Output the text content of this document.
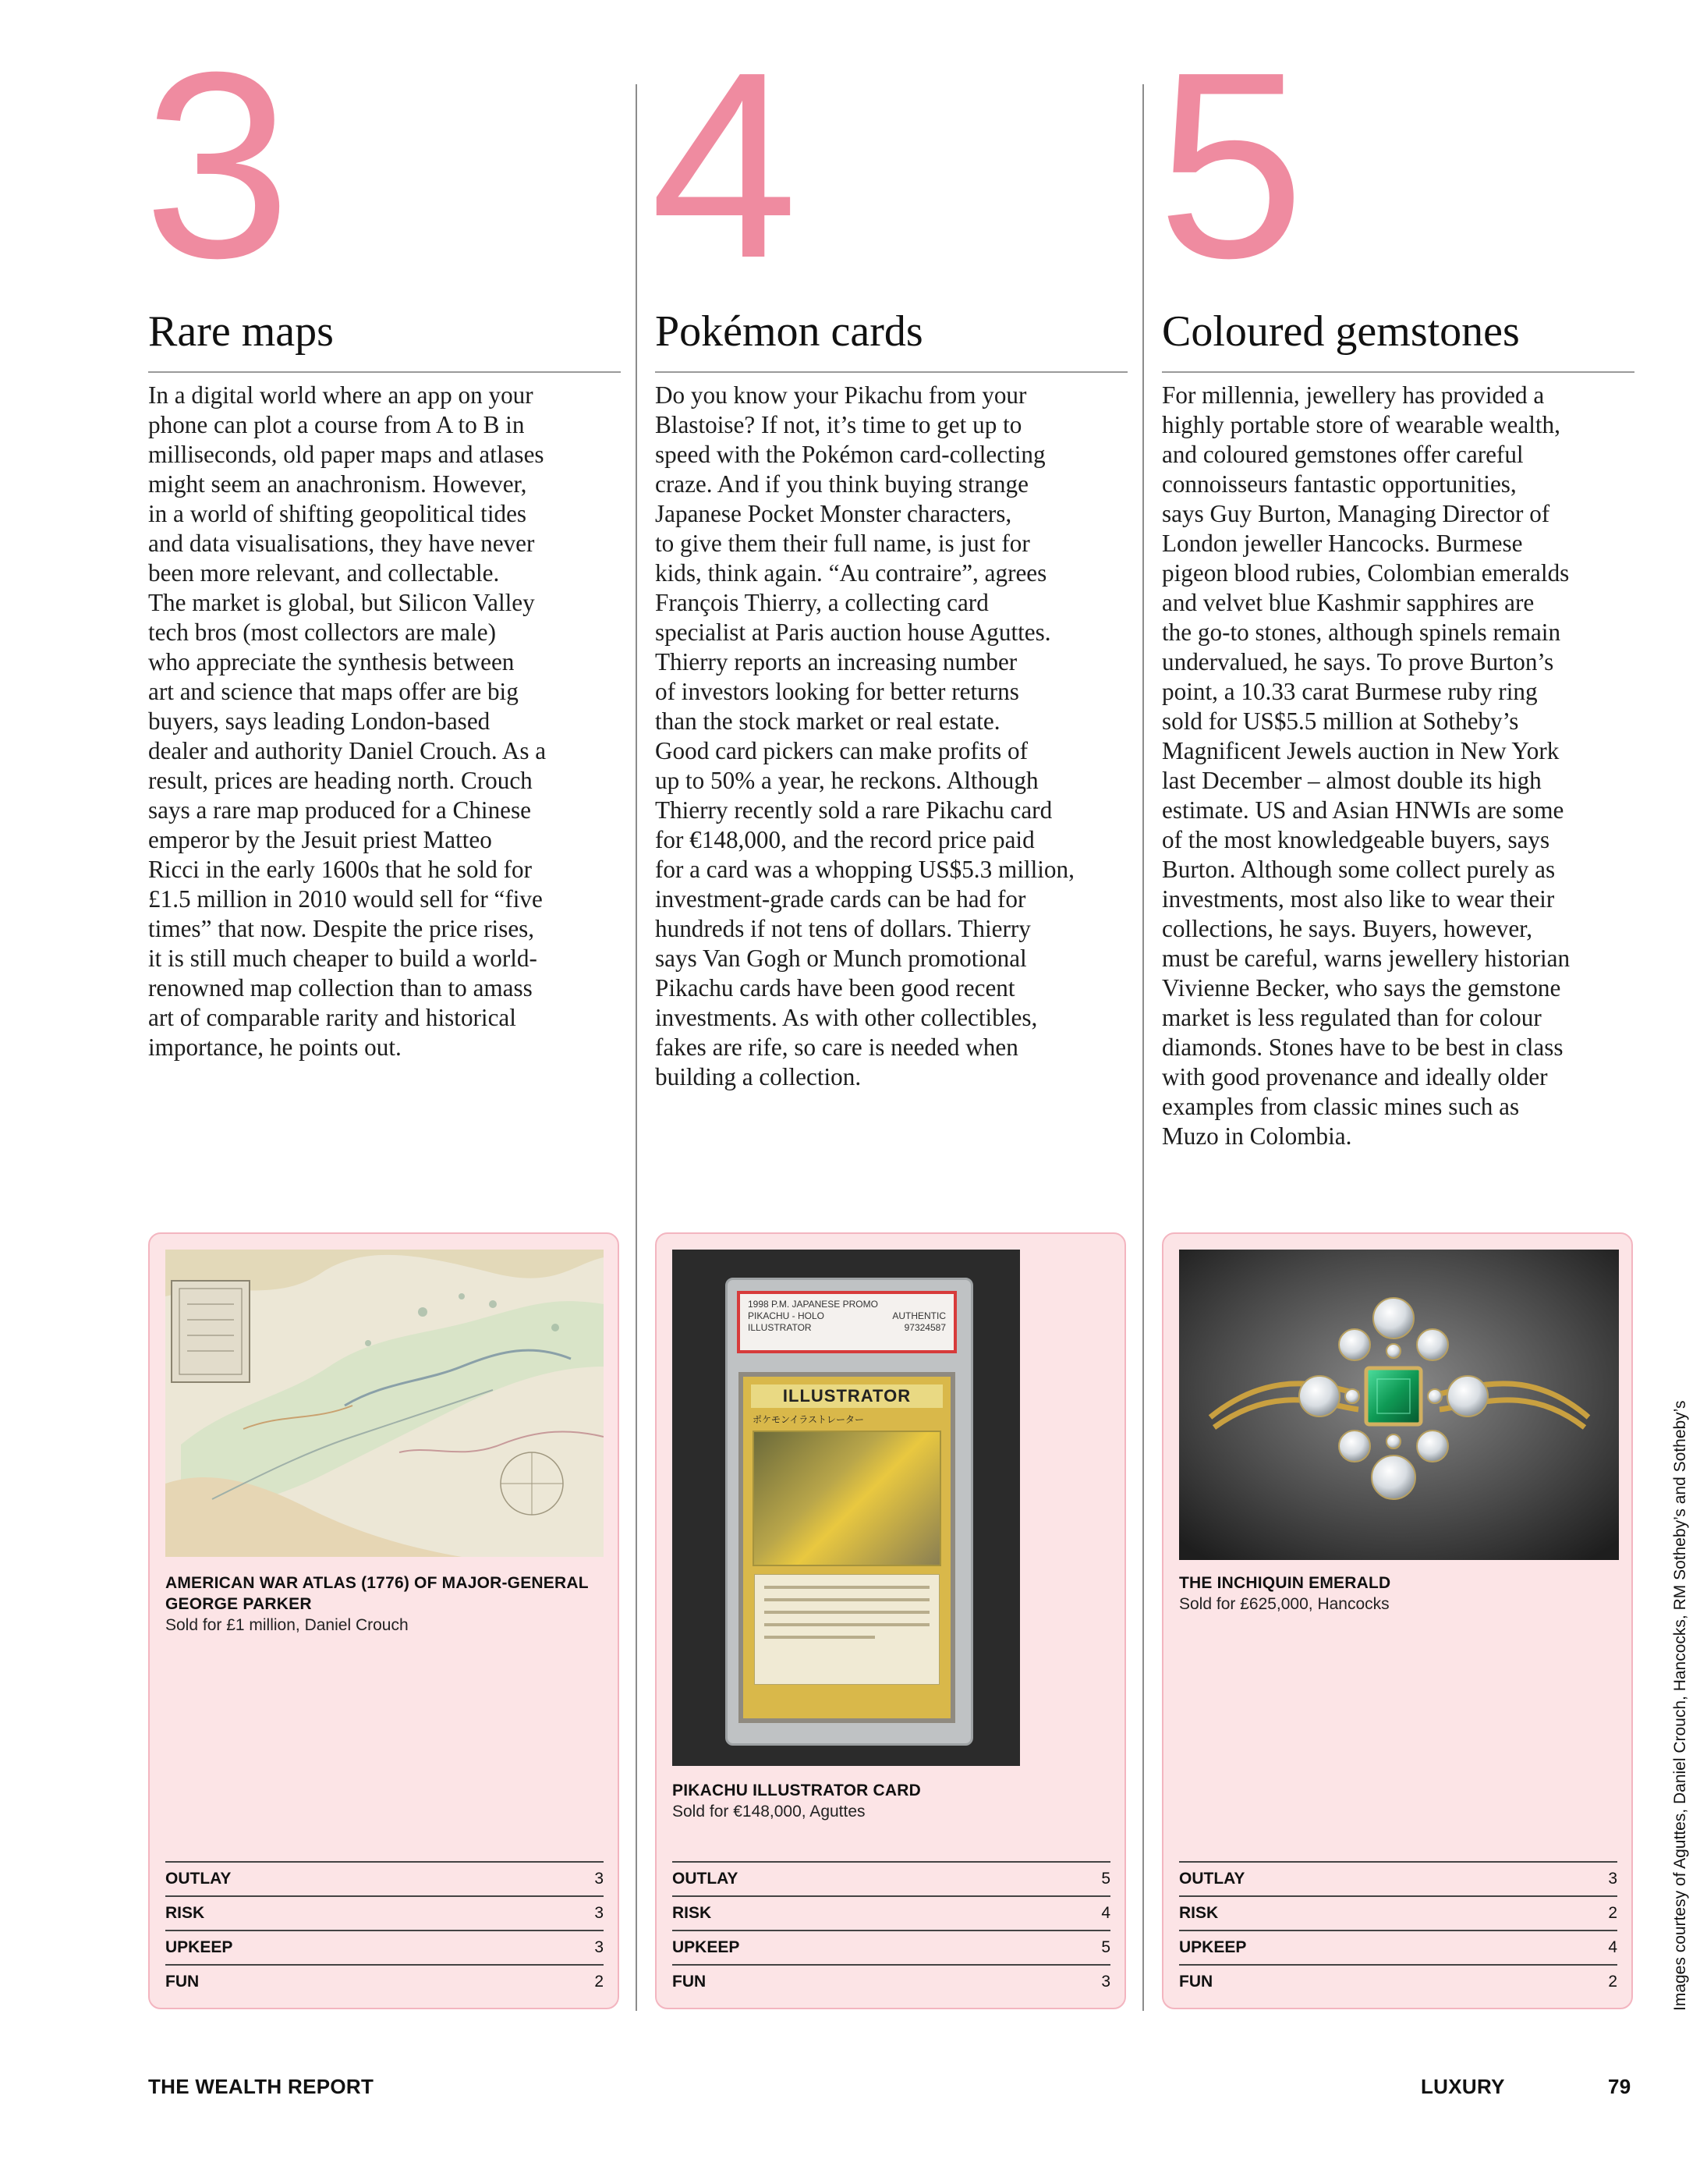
3
Rare maps

In a digital world where an app on your
phone can plot a course from A to B in
milliseconds, old paper maps and atlases
might seem an anachronism. However,
in a world of shifting geopolitical tides
and data visualisations, they have never
been more relevant, and collectable.
The market is global, but Silicon Valley
tech bros (most collectors are male)
who appreciate the synthesis between
art and science that maps offer are big
buyers, says leading London-based
dealer and authority Daniel Crouch. As a
result, prices are heading north. Crouch
says a rare map produced for a Chinese
emperor by the Jesuit priest Matteo
Ricci in the early 1600s that he sold for
£1.5 million in 2010 would sell for “five
times” that now. Despite the price rises,
it is still much cheaper to build a world-
renowned map collection than to amass
art of comparable rarity and historical
importance, he points out.

AMERICAN WAR ATLAS (1776) OF MAJOR-GENERAL GEORGE PARKER
Sold for £1 million, Daniel Crouch
OUTLAY	3
RISK	3
UPKEEP	3
FUN	2
4
Pokémon cards

Do you know your Pikachu from your
Blastoise? If not, it’s time to get up to
speed with the Pokémon card-collecting
craze. And if you think buying strange
Japanese Pocket Monster characters,
to give them their full name, is just for
kids, think again. “Au contraire”, agrees
François Thierry, a collecting card
specialist at Paris auction house Aguttes.
Thierry reports an increasing number
of investors looking for better returns
than the stock market or real estate.
Good card pickers can make profits of
up to 50% a year, he reckons. Although
Thierry recently sold a rare Pikachu card
for €148,000, and the record price paid
for a card was a whopping US$5.3 million,
investment-grade cards can be had for
hundreds if not tens of dollars. Thierry
says Van Gogh or Munch promotional
Pikachu cards have been good recent
investments. As with other collectibles,
fakes are rife, so care is needed when
building a collection.

1998 P.M. JAPANESE PROMO
PIKACHU - HOLO	AUTHENTIC
ILLUSTRATOR	97324587
ILLUSTRATOR
ポケモンイラストレーター
PIKACHU ILLUSTRATOR CARD
Sold for €148,000, Aguttes
OUTLAY	5
RISK	4
UPKEEP	5
FUN	3
5
Coloured gemstones

For millennia, jewellery has provided a
highly portable store of wearable wealth,
and coloured gemstones offer careful
connoisseurs fantastic opportunities,
says Guy Burton, Managing Director of
London jeweller Hancocks. Burmese
pigeon blood rubies, Colombian emeralds
and velvet blue Kashmir sapphires are
the go-to stones, although spinels remain
undervalued, he says. To prove Burton’s
point, a 10.33 carat Burmese ruby ring
sold for US$5.5 million at Sotheby’s
Magnificent Jewels auction in New York
last December – almost double its high
estimate. US and Asian HNWIs are some
of the most knowledgeable buyers, says
Burton. Although some collect purely as
investments, most also like to wear their
collections, he says. Buyers, however,
must be careful, warns jewellery historian
Vivienne Becker, who says the gemstone
market is less regulated than for colour
diamonds. Stones have to be best in class
with good provenance and ideally older
examples from classic mines such as
Muzo in Colombia.

THE INCHIQUIN EMERALD
Sold for £625,000, Hancocks
OUTLAY	3
RISK	2
UPKEEP	4
FUN	2	Images courtesy of Aguttes, Daniel Crouch, Hancocks, RM Sotheby’s and Sotheby’s
THE WEALTH REPORT	LUXURY	79
